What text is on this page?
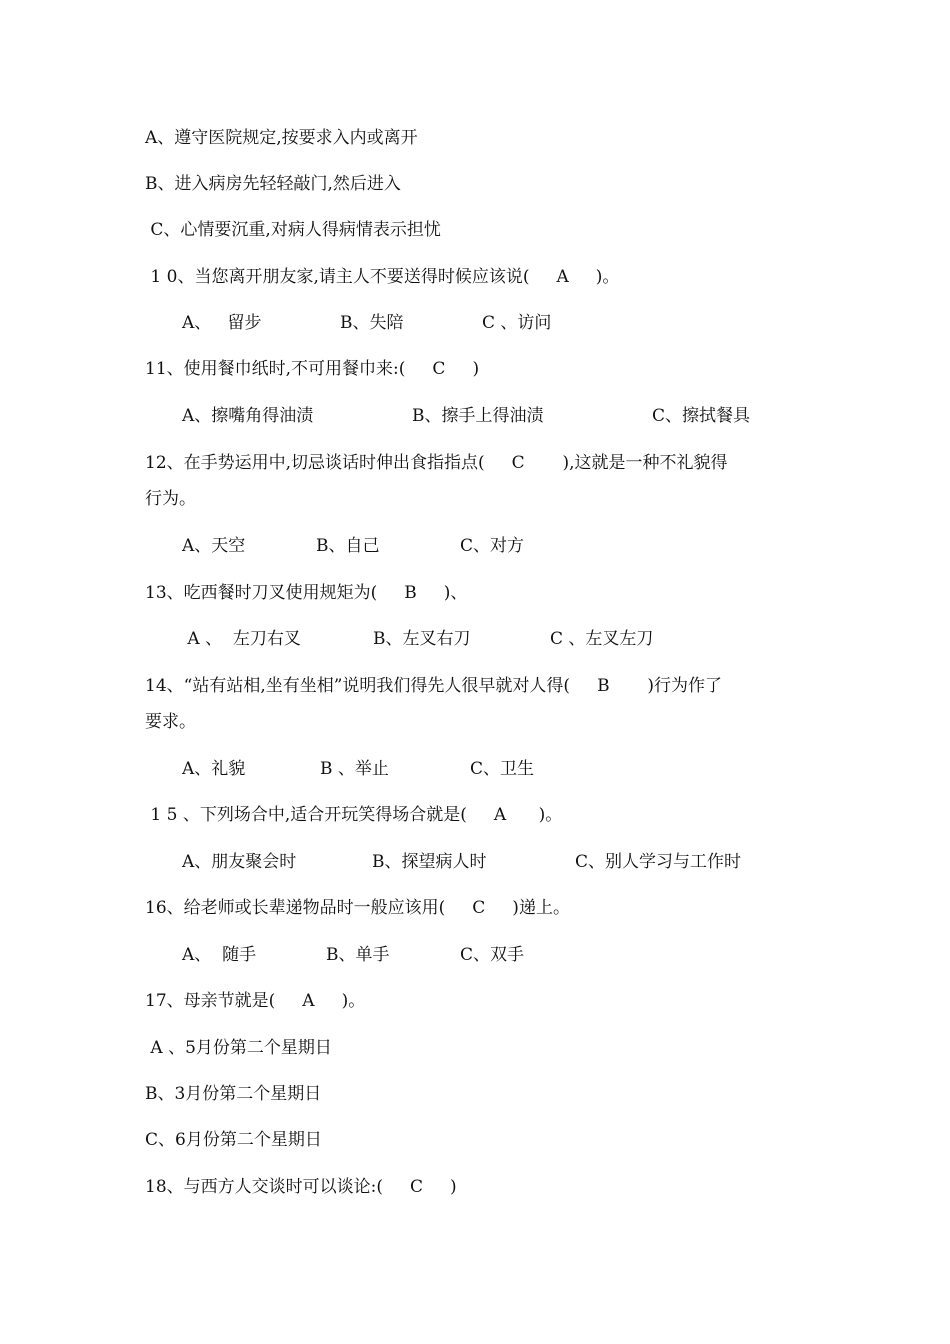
A、遵守医院规定,按要求入内或离开
B、进入病房先轻轻敲门,然后进入
C、心情要沉重,对病人得病情表示担忧
1 0、当您离开朋友家,请主人不要送得时候应该说(     A     )。
A、   留步	B、失陪	C 、访问
11、使用餐巾纸时,不可用餐巾来:(     C     )
A、擦嘴角得油渍	B、擦手上得油渍	C、擦拭餐具
12、在手势运用中,切忌谈话时伸出食指指点(     C       ),这就是一种不礼貌得
行为。
A、天空	B、自己	C、对方
13、吃西餐时刀叉使用规矩为(     B     )、
A 、  左刀右叉	B、左叉右刀	C 、左叉左刀
14、“站有站相,坐有坐相”说明我们得先人很早就对人得(     B       )行为作了
要求。
A、礼貌	B 、举止	C、卫生
1 5 、下列场合中,适合开玩笑得场合就是(     A      )。
A、朋友聚会时	B、探望病人时	C、别人学习与工作时
16、给老师或长辈递物品时一般应该用(     C     )递上。
A、  随手	B、单手	C、双手
17、母亲节就是(     A     )。
A 、5月份第二个星期日
B、3月份第二个星期日
C、6月份第二个星期日
18、与西方人交谈时可以谈论:(     C     )
